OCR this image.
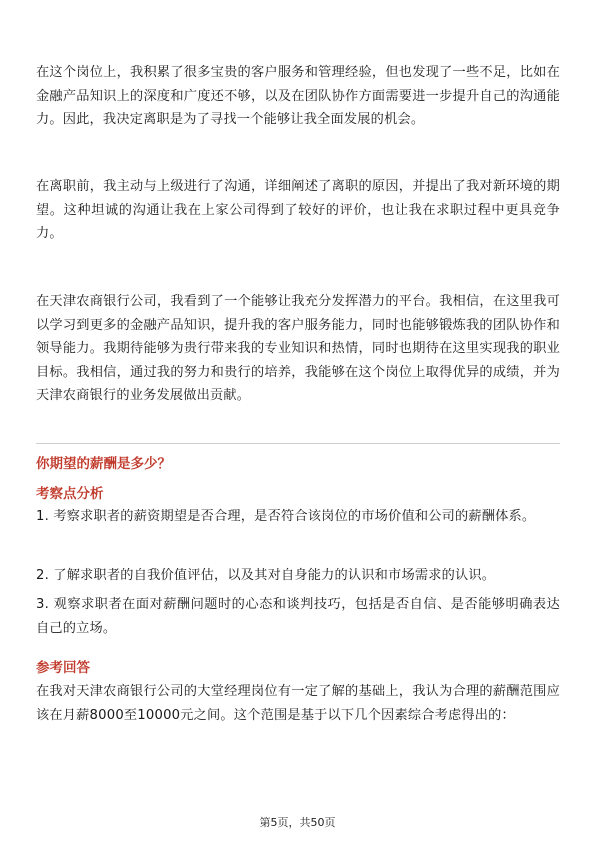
在这个岗位上，我积累了很多宝贵的客户服务和管理经验，但也发现了一些不足，比如在金融产品知识上的深度和广度还不够，以及在团队协作方面需要进一步提升自己的沟通能力。因此，我决定离职是为了寻找一个能够让我全面发展的机会。

在离职前，我主动与上级进行了沟通，详细阐述了离职的原因，并提出了我对新环境的期望。这种坦诚的沟通让我在上家公司得到了较好的评价，也让我在求职过程中更具竞争力。

在天津农商银行公司，我看到了一个能够让我充分发挥潜力的平台。我相信，在这里我可以学习到更多的金融产品知识，提升我的客户服务能力，同时也能够锻炼我的团队协作和领导能力。我期待能够为贵行带来我的专业知识和热情，同时也期待在这里实现我的职业目标。我相信，通过我的努力和贵行的培养，我能够在这个岗位上取得优异的成绩，并为天津农商银行的业务发展做出贡献。

你期望的薪酬是多少？
考察点分析

1. 考察求职者的薪资期望是否合理，是否符合该岗位的市场价值和公司的薪酬体系。

2. 了解求职者的自我价值评估，以及其对自身能力的认识和市场需求的认识。

3. 观察求职者在面对薪酬问题时的心态和谈判技巧，包括是否自信、是否能够明确表达自己的立场。

参考回答

在我对天津农商银行公司的大堂经理岗位有一定了解的基础上，我认为合理的薪酬范围应该在月薪8000至10000元之间。这个范围是基于以下几个因素综合考虑得出的：

第5页，共50页
